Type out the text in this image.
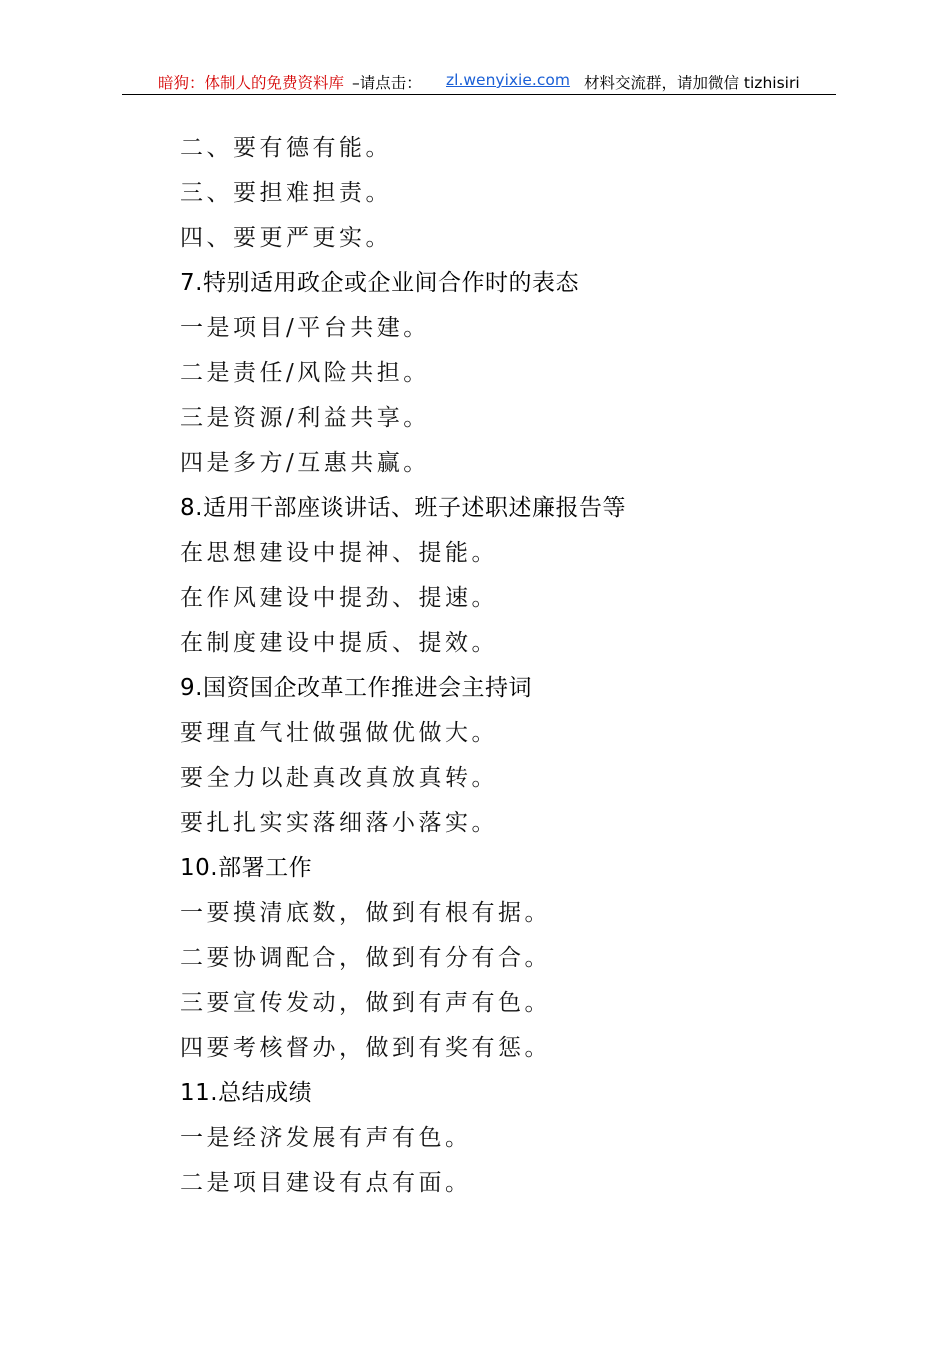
暗狗：体制人的免费资料库 –请点击： zl.wenyixie.com 材料交流群，请加微信 tizhisiri
二、要有德有能。
三、要担难担责。
四、要更严更实。
7.特别适用政企或企业间合作时的表态
一是项目/平台共建。
二是责任/风险共担。
三是资源/利益共享。
四是多方/互惠共赢。
8.适用干部座谈讲话、班子述职述廉报告等
在思想建设中提神、提能。
在作风建设中提劲、提速。
在制度建设中提质、提效。
9.国资国企改革工作推进会主持词
要理直气壮做强做优做大。
要全力以赴真改真放真转。
要扎扎实实落细落小落实。
10.部署工作
一要摸清底数，做到有根有据。
二要协调配合，做到有分有合。
三要宣传发动，做到有声有色。
四要考核督办，做到有奖有惩。
11.总结成绩
一是经济发展有声有色。
二是项目建设有点有面。
